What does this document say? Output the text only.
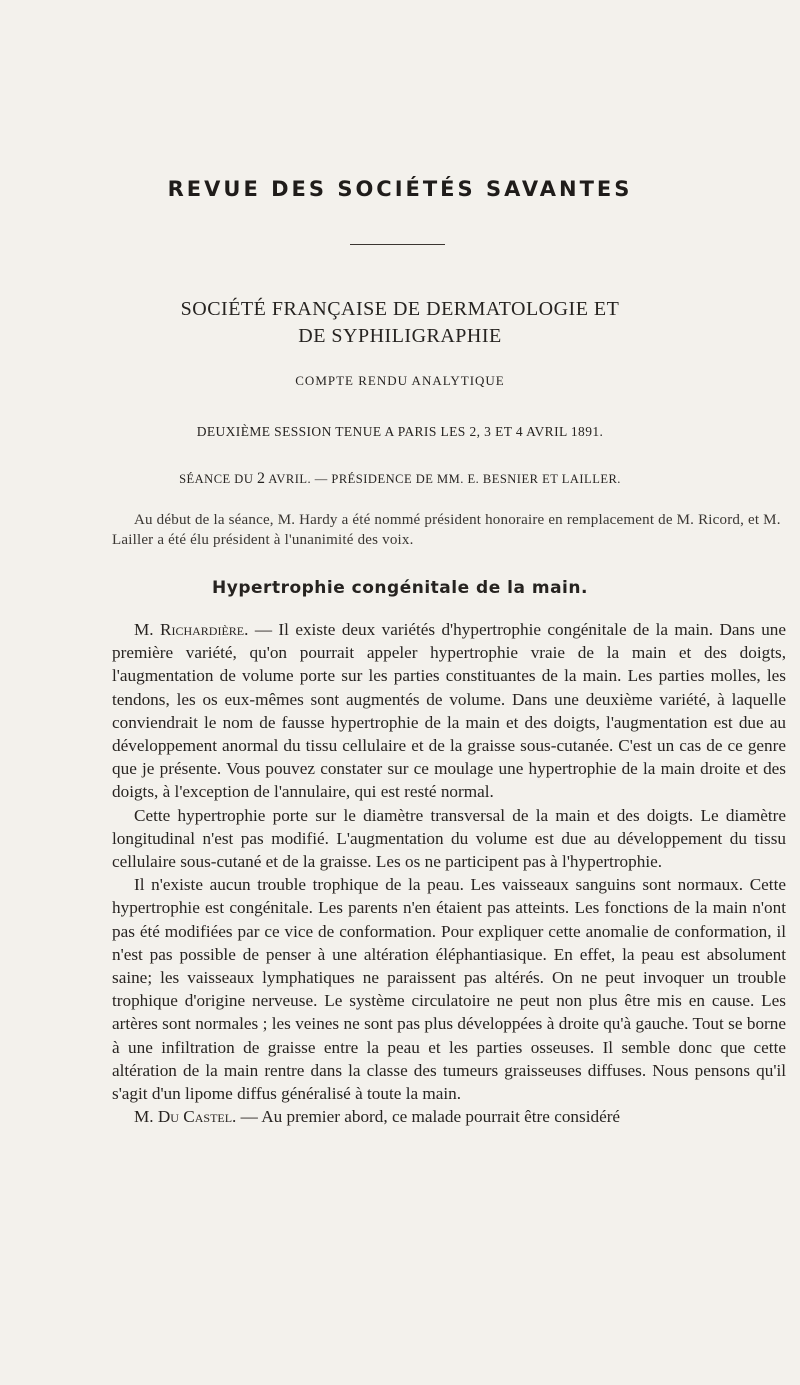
REVUE DES SOCIÉTÉS SAVANTES
SOCIÉTÉ FRANÇAISE DE DERMATOLOGIE ET
DE SYPHILIGRAPHIE
COMPTE RENDU ANALYTIQUE
DEUXIÈME SESSION TENUE A PARIS LES 2, 3 ET 4 AVRIL 1891.
SÉANCE DU 2 AVRIL. — PRÉSIDENCE DE MM. E. BESNIER ET LAILLER.

Au début de la séance, M. Hardy a été nommé président honoraire en remplacement de M. Ricord, et M. Lailler a été élu président à l'unanimité des voix.

Hypertrophie congénitale de la main.

M. Richardière. — Il existe deux variétés d'hypertrophie congénitale de la main. Dans une première variété, qu'on pourrait appeler hypertrophie vraie de la main et des doigts, l'augmentation de volume porte sur les parties constituantes de la main. Les parties molles, les tendons, les os eux-mêmes sont augmentés de volume. Dans une deuxième variété, à laquelle conviendrait le nom de fausse hypertrophie de la main et des doigts, l'augmentation est due au développement anormal du tissu cellulaire et de la graisse sous-cutanée. C'est un cas de ce genre que je présente. Vous pouvez constater sur ce moulage une hypertrophie de la main droite et des doigts, à l'exception de l'annulaire, qui est resté normal.

Cette hypertrophie porte sur le diamètre transversal de la main et des doigts. Le diamètre longitudinal n'est pas modifié. L'augmentation du volume est due au développement du tissu cellulaire sous-cutané et de la graisse. Les os ne participent pas à l'hypertrophie.

Il n'existe aucun trouble trophique de la peau. Les vaisseaux sanguins sont normaux. Cette hypertrophie est congénitale. Les parents n'en étaient pas atteints. Les fonctions de la main n'ont pas été modifiées par ce vice de conformation. Pour expliquer cette anomalie de conformation, il n'est pas possible de penser à une altération éléphantiasique. En effet, la peau est absolument saine; les vaisseaux lymphatiques ne paraissent pas altérés. On ne peut invoquer un trouble trophique d'origine nerveuse. Le système circulatoire ne peut non plus être mis en cause. Les artères sont normales ; les veines ne sont pas plus développées à droite qu'à gauche. Tout se borne à une infiltration de graisse entre la peau et les parties osseuses. Il semble donc que cette altération de la main rentre dans la classe des tumeurs graisseuses diffuses. Nous pensons qu'il s'agit d'un lipome diffus généralisé à toute la main.

M. Du Castel. — Au premier abord, ce malade pourrait être considéré
